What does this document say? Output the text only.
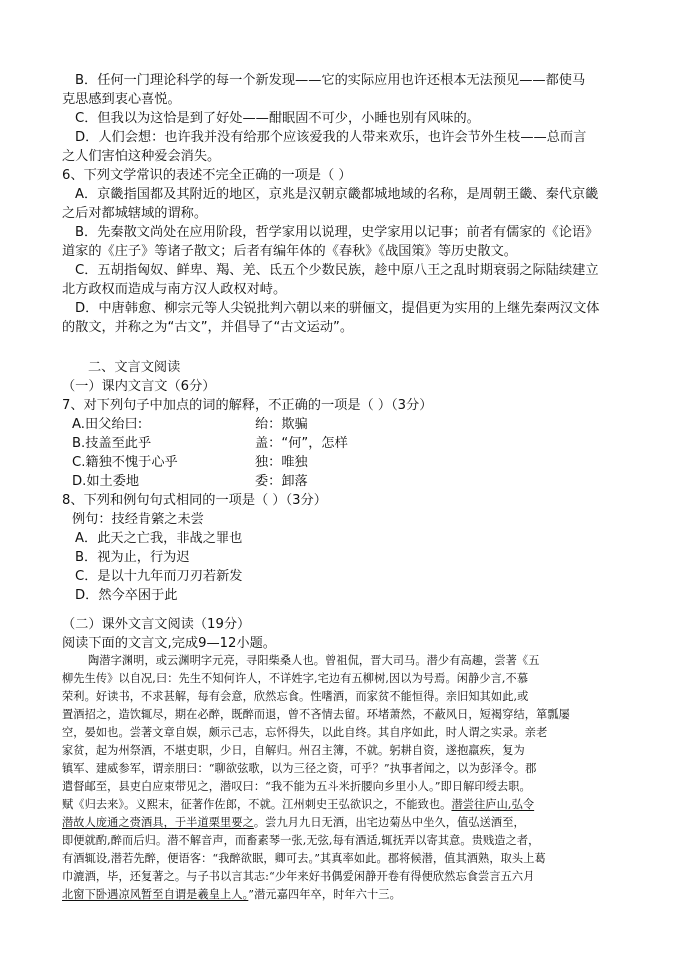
B．任何一门理论科学的每一个新发现——它的实际应用也许还根本无法预见——都使马
克思感到衷心喜悦。
C．但我以为这恰是到了好处——酣眠固不可少，小睡也别有风味的。
D．人们会想：也许我并没有给那个应该爱我的人带来欢乐，也许会节外生枝——总而言
之人们害怕这种爱会消失。
6、下列文学常识的表述不完全正确的一项是（ ）
A．京畿指国都及其附近的地区，京兆是汉朝京畿都城地域的名称，是周朝王畿、秦代京畿
之后对都城辖域的谓称。
B．先秦散文尚处在应用阶段，哲学家用以说理，史学家用以记事；前者有儒家的《论语》
道家的《庄子》等诸子散文；后者有编年体的《春秋》《战国策》等历史散文。
C．五胡指匈奴、鲜卑、羯、羌、氐五个少数民族，趁中原八王之乱时期衰弱之际陆续建立
北方政权而造成与南方汉人政权对峙。
D．中唐韩愈、柳宗元等人尖锐批判六朝以来的骈俪文，提倡更为实用的上继先秦两汉文体
的散文，并称之为“古文”，并倡导了“古文运动”。
二、文言文阅读
（一）课内文言文（6分）
7、对下列句子中加点的词的解释，不正确的一项是（ ）（3分）
A.田父绐曰:	绐：欺骗
B.技盖至此乎	盖：“何”，怎样
C.籍独不愧于心乎	独：唯独
D.如土委地	委：卸落
8、下列和例句句式相同的一项是（ ）（3分）
例句：技经肯綮之未尝
A．此天之亡我，非战之罪也
B．视为止，行为迟
C．是以十九年而刀刃若新发
D．然今卒困于此
（二）课外文言文阅读（19分）
阅读下面的文言文,完成9—12小题。
陶潜字渊明，或云渊明字元亮，寻阳柴桑人也。曾祖侃，晋大司马。潜少有高趣，尝著《五
柳先生传》以自况,曰：先生不知何许人，不详姓字,宅边有五柳树,因以为号焉。闲静少言,不慕
荣利。好读书，不求甚解，每有会意，欣然忘食。性嗜酒，而家贫不能恒得。亲旧知其如此,或
置酒招之，造饮辄尽，期在必醉，既醉而退，曾不吝情去留。环堵萧然，不蔽风日，短褐穿结，箪瓢屡
空，晏如也。尝著文章自娱，颇示己志，忘怀得失，以此自终。其自序如此，时人谓之实录。亲老
家贫，起为州祭酒，不堪吏职，少日，自解归。州召主簿，不就。躬耕自资，遂抱羸疾，复为
镇军、建威参军，谓亲朋曰：“聊欲弦歌，以为三径之资，可乎？”执事者闻之，以为彭泽令。郡
遣督邮至，县吏白应束带见之，潜叹曰：“我不能为五斗米折腰向乡里小人。”即日解印绶去职。
赋《归去来》。义熙末，征著作佐郎，不就。江州刺史王弘欲识之，不能致也。潜尝往庐山,弘令
潜故人庞通之赍酒具，于半道栗里要之。尝九月九日无酒，出宅边菊丛中坐久，值弘送酒至，
即便就酌,醉而后归。潜不解音声，而畜素琴一张,无弦,每有酒适,辄抚弄以寄其意。贵贱造之者，
有酒辄设,潜若先醉，便语客：“我醉欲眠，卿可去。”其真率如此。郡将候潜，值其酒熟，取头上葛
巾漉酒，毕，还复著之。与子书以言其志:“少年来好书偶爱闲静开卷有得便欣然忘食尝言五六月
北窗下卧遇凉风暂至自谓是羲皇上人。”潜元嘉四年卒，时年六十三。
